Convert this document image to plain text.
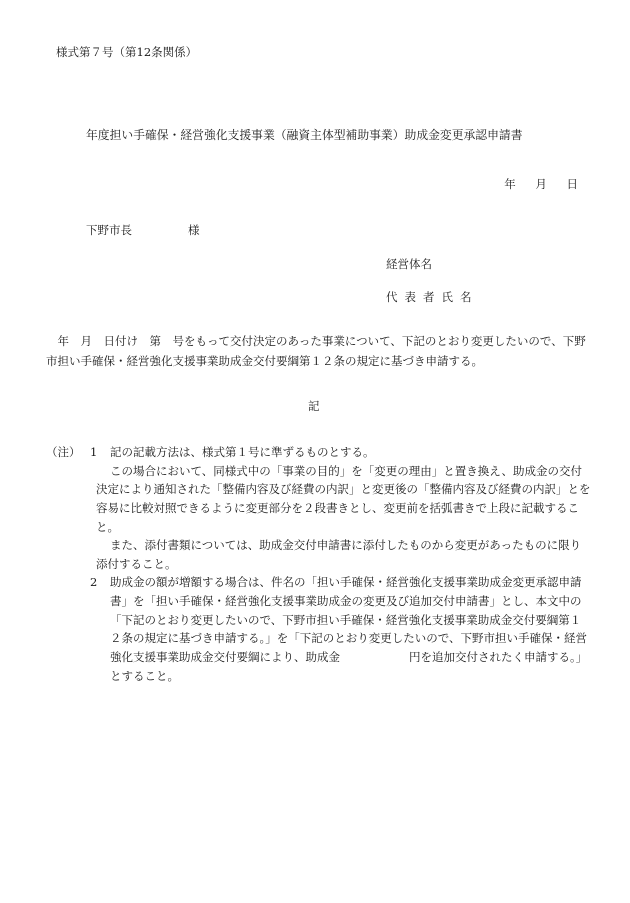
様式第７号（第12条関係）
年度担い手確保・経営強化支援事業（融資主体型補助事業）助成金変更承認申請書
年 月 日
下野市長	様
経営体名
代表者氏名
年　月　日付け　第　号をもって交付決定のあった事業について、下記のとおり変更したいので、下野市担い手確保・経営強化支援事業助成金交付要綱第１２条の規定に基づき申請する。
記
（注） 1 記の記載方法は、様式第１号に準ずるものとする。
この場合において、同様式中の「事業の目的」を「変更の理由」と置き換え、助成金の交付決定により通知された「整備内容及び経費の内訳」と変更後の「整備内容及び経費の内訳」とを容易に比較対照できるように変更部分を２段書きとし、変更前を括弧書きで上段に記載すること。
また、添付書類については、助成金交付申請書に添付したものから変更があったものに限り添付すること。
2 助成金の額が増額する場合は、件名の「担い手確保・経営強化支援事業助成金変更承認申請書」を「担い手確保・経営強化支援事業助成金の変更及び追加交付申請書」とし、本文中の「下記のとおり変更したいので、下野市担い手確保・経営強化支援事業助成金交付要綱第１２条の規定に基づき申請する。」を「下記のとおり変更したいので、下野市担い手確保・経営強化支援事業助成金交付要綱により、助成金　　　　　　円を追加交付されたく申請する。」とすること。
